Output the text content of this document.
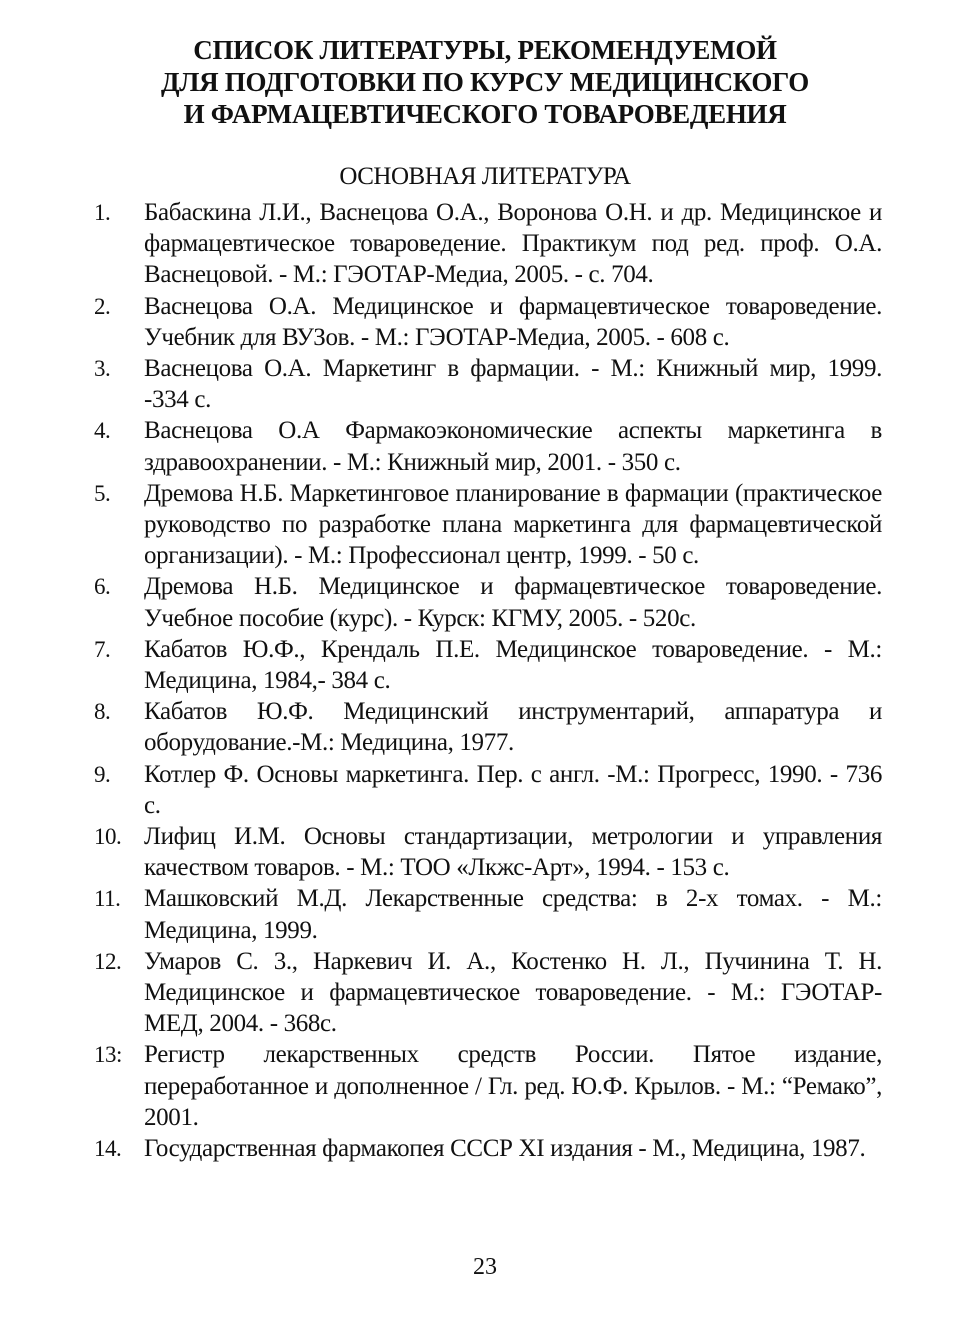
СПИСОК ЛИТЕРАТУРЫ, РЕКОМЕНДУЕМОЙ
ДЛЯ ПОДГОТОВКИ ПО КУРСУ МЕДИЦИНСКОГО
И ФАРМАЦЕВТИЧЕСКОГО ТОВАРОВЕДЕНИЯ
ОСНОВНАЯ ЛИТЕРАТУРА
1.	Бабаскина Л.И., Васнецова О.А., Воронова О.Н. и др. Медицинское и фармацевтическое товароведение. Практикум под ред. проф. О.А. Васнецовой. - М.: ГЭОТАР-Медиа, 2005. - с. 704.
2.	Васнецова О.А. Медицинское и фармацевтическое товароведение. Учебник для ВУЗов. - М.: ГЭОТАР-Медиа, 2005. - 608 с.
3.	Васнецова О.А. Маркетинг в фармации. - М.: Книжный мир, 1999. -334 с.
4.	Васнецова О.А Фармакоэкономические аспекты маркетинга в здравоохранении. - М.: Книжный мир, 2001. - 350 с.
5.	Дремова Н.Б. Маркетинговое планирование в фармации (практическое руководство по разработке плана маркетинга для фармацевтической организации). - М.: Профессионал центр, 1999. - 50 с.
6.	Дремова Н.Б. Медицинское и фармацевтическое товароведение. Учебное пособие (курс). - Курск: КГМУ, 2005. - 520с.
7.	Кабатов Ю.Ф., Крендаль П.Е. Медицинское товароведение. - М.: Медицина, 1984,- 384 с.
8.	Кабатов Ю.Ф. Медицинский инструментарий, аппаратура и оборудование.-М.: Медицина, 1977.
9.	Котлер Ф. Основы маркетинга. Пер. с англ. -М.: Прогресс, 1990. - 736 с.
10. Лифиц И.М. Основы стандартизации, метрологии и управления качеством товаров. - М.: ТОО «Лкжс-Арт», 1994. - 153 с.
11. Машковский М.Д. Лекарственные средства: в 2-х томах. - М.: Медицина, 1999.
12. Умаров С. 3., Наркевич И. А., Костенко Н. Л., Пучинина Т. Н. Медицинское и фармацевтическое товароведение. - М.: ГЭОТАР-МЕД, 2004. - 368с.
13: Регистр лекарственных средств России. Пятое издание, переработанное и дополненное / Гл. ред. Ю.Ф. Крылов. - М.: “Ремако”, 2001.
14. Государственная фармакопея СССР XI издания - М., Медицина, 1987.
23
